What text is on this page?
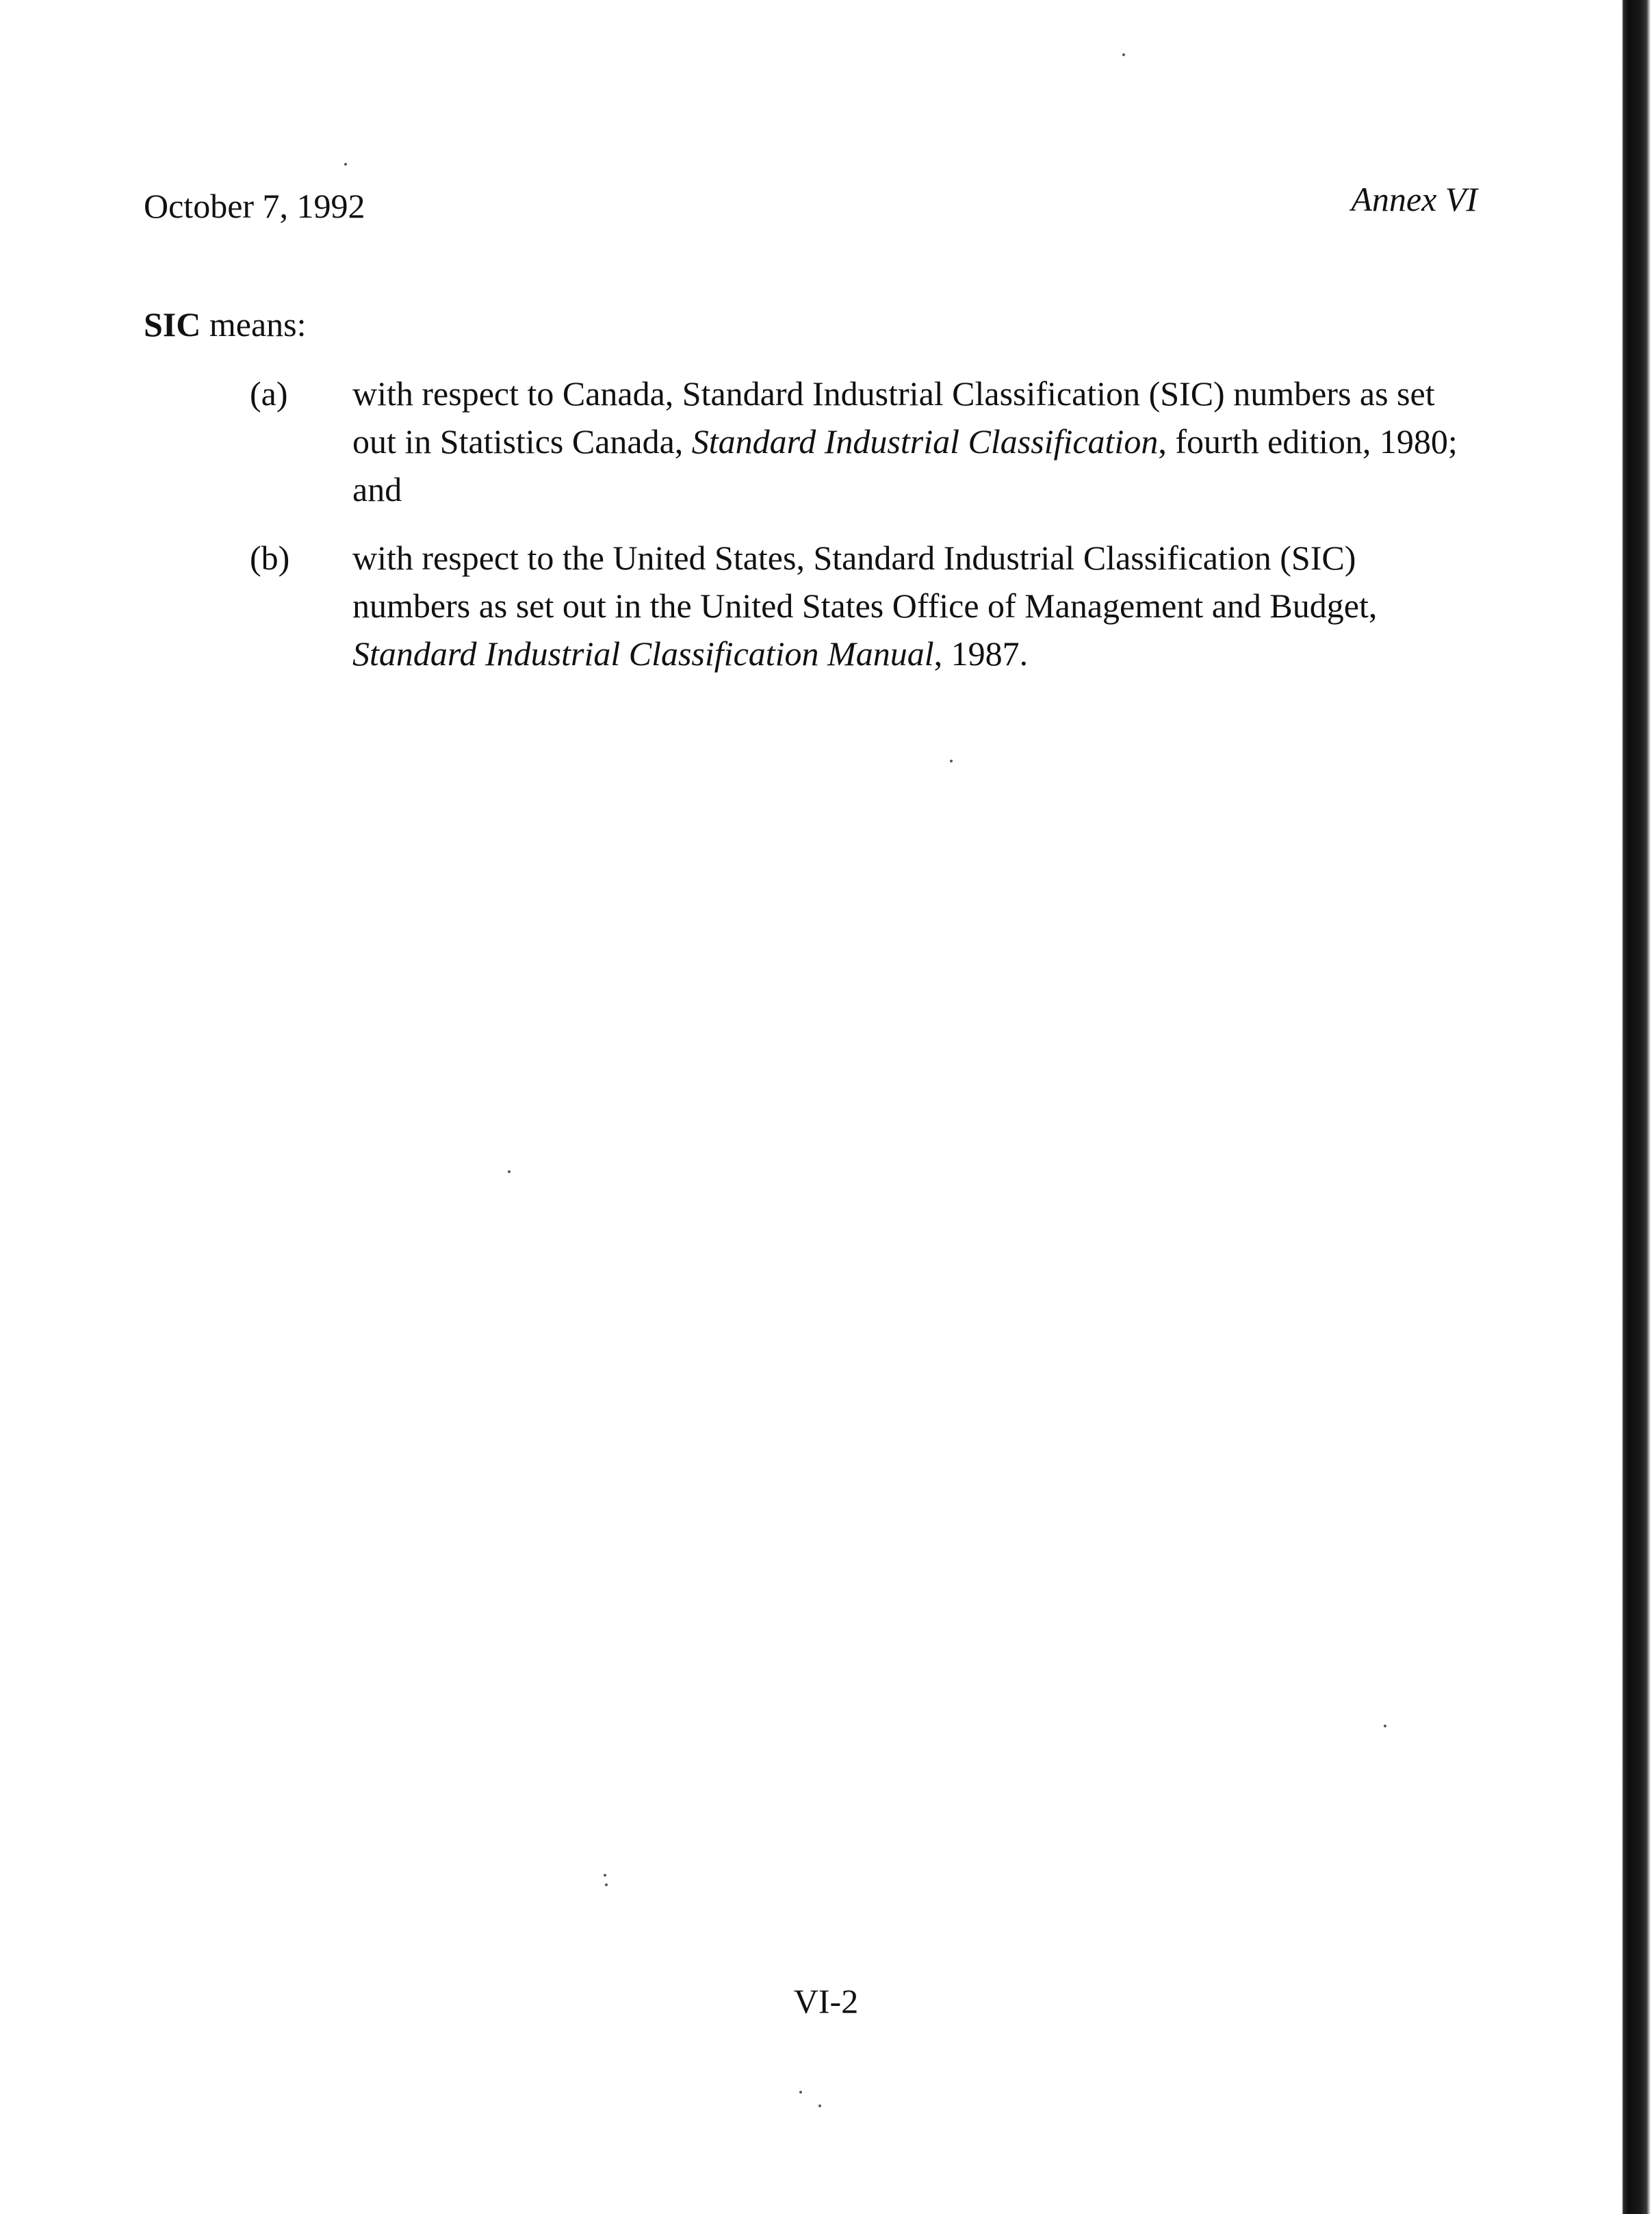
October 7, 1992	Annex VI
SIC means:
(a) with respect to Canada, Standard Industrial Classification (SIC) numbers as set out in Statistics Canada, Standard Industrial Classification, fourth edition, 1980; and
(b) with respect to the United States, Standard Industrial Classification (SIC) numbers as set out in the United States Office of Management and Budget, Standard Industrial Classification Manual, 1987.
VI-2
